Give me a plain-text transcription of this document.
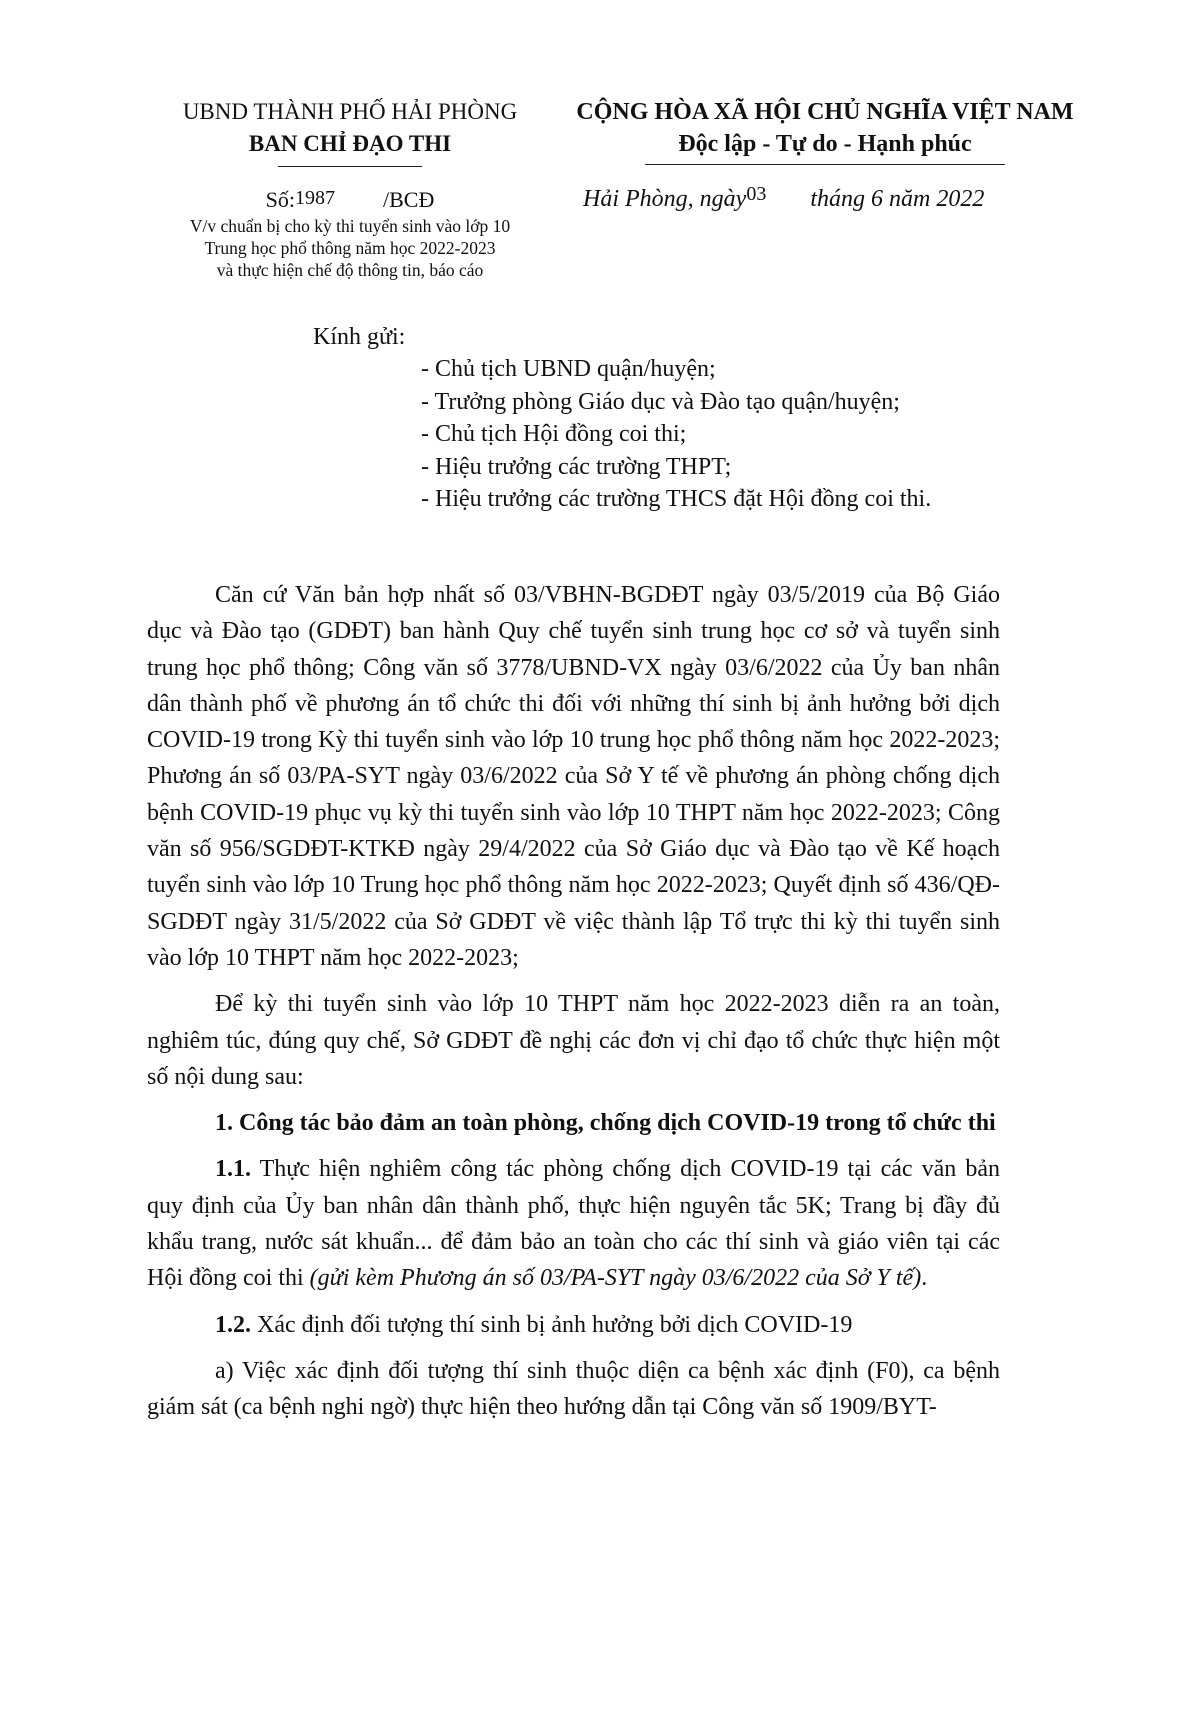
UBND THÀNH PHỐ HẢI PHÒNG
BAN CHỈ ĐẠO THI
CỘNG HÒA XÃ HỘI CHỦ NGHĨA VIỆT NAM
Độc lập - Tự do - Hạnh phúc
Số:1987 /BCĐ
V/v chuẩn bị cho kỳ thi tuyển sinh vào lớp 10
Trung học phổ thông năm học 2022-2023
và thực hiện chế độ thông tin, báo cáo
Hải Phòng, ngày$^{03}$ tháng 6 năm 2022
Kính gửi:
- Chủ tịch UBND quận/huyện;
- Trưởng phòng Giáo dục và Đào tạo quận/huyện;
- Chủ tịch Hội đồng coi thi;
- Hiệu trưởng các trường THPT;
- Hiệu trưởng các trường THCS đặt Hội đồng coi thi.

Căn cứ Văn bản hợp nhất số 03/VBHN-BGDĐT ngày 03/5/2019 của Bộ Giáo dục và Đào tạo (GDĐT) ban hành Quy chế tuyển sinh trung học cơ sở và tuyển sinh trung học phổ thông; Công văn số 3778/UBND-VX ngày 03/6/2022 của Ủy ban nhân dân thành phố về phương án tổ chức thi đối với những thí sinh bị ảnh hưởng bởi dịch COVID-19 trong Kỳ thi tuyển sinh vào lớp 10 trung học phổ thông năm học 2022-2023; Phương án số 03/PA-SYT ngày 03/6/2022 của Sở Y tế về phương án phòng chống dịch bệnh COVID-19 phục vụ kỳ thi tuyển sinh vào lớp 10 THPT năm học 2022-2023; Công văn số 956/SGDĐT-KTKĐ ngày 29/4/2022 của Sở Giáo dục và Đào tạo về Kế hoạch tuyển sinh vào lớp 10 Trung học phổ thông năm học 2022-2023; Quyết định số 436/QĐ-SGDĐT ngày 31/5/2022 của Sở GDĐT về việc thành lập Tổ trực thi kỳ thi tuyển sinh vào lớp 10 THPT năm học 2022-2023;

Để kỳ thi tuyển sinh vào lớp 10 THPT năm học 2022-2023 diễn ra an toàn, nghiêm túc, đúng quy chế, Sở GDĐT đề nghị các đơn vị chỉ đạo tổ chức thực hiện một số nội dung sau:

1. Công tác bảo đảm an toàn phòng, chống dịch COVID-19 trong tổ chức thi

1.1. Thực hiện nghiêm công tác phòng chống dịch COVID-19 tại các văn bản quy định của Ủy ban nhân dân thành phố, thực hiện nguyên tắc 5K; Trang bị đầy đủ khẩu trang, nước sát khuẩn... để đảm bảo an toàn cho các thí sinh và giáo viên tại các Hội đồng coi thi (gửi kèm Phương án số 03/PA-SYT ngày 03/6/2022 của Sở Y tế).

1.2. Xác định đối tượng thí sinh bị ảnh hưởng bởi dịch COVID-19

a) Việc xác định đối tượng thí sinh thuộc diện ca bệnh xác định (F0), ca bệnh giám sát (ca bệnh nghi ngờ) thực hiện theo hướng dẫn tại Công văn số 1909/BYT-
